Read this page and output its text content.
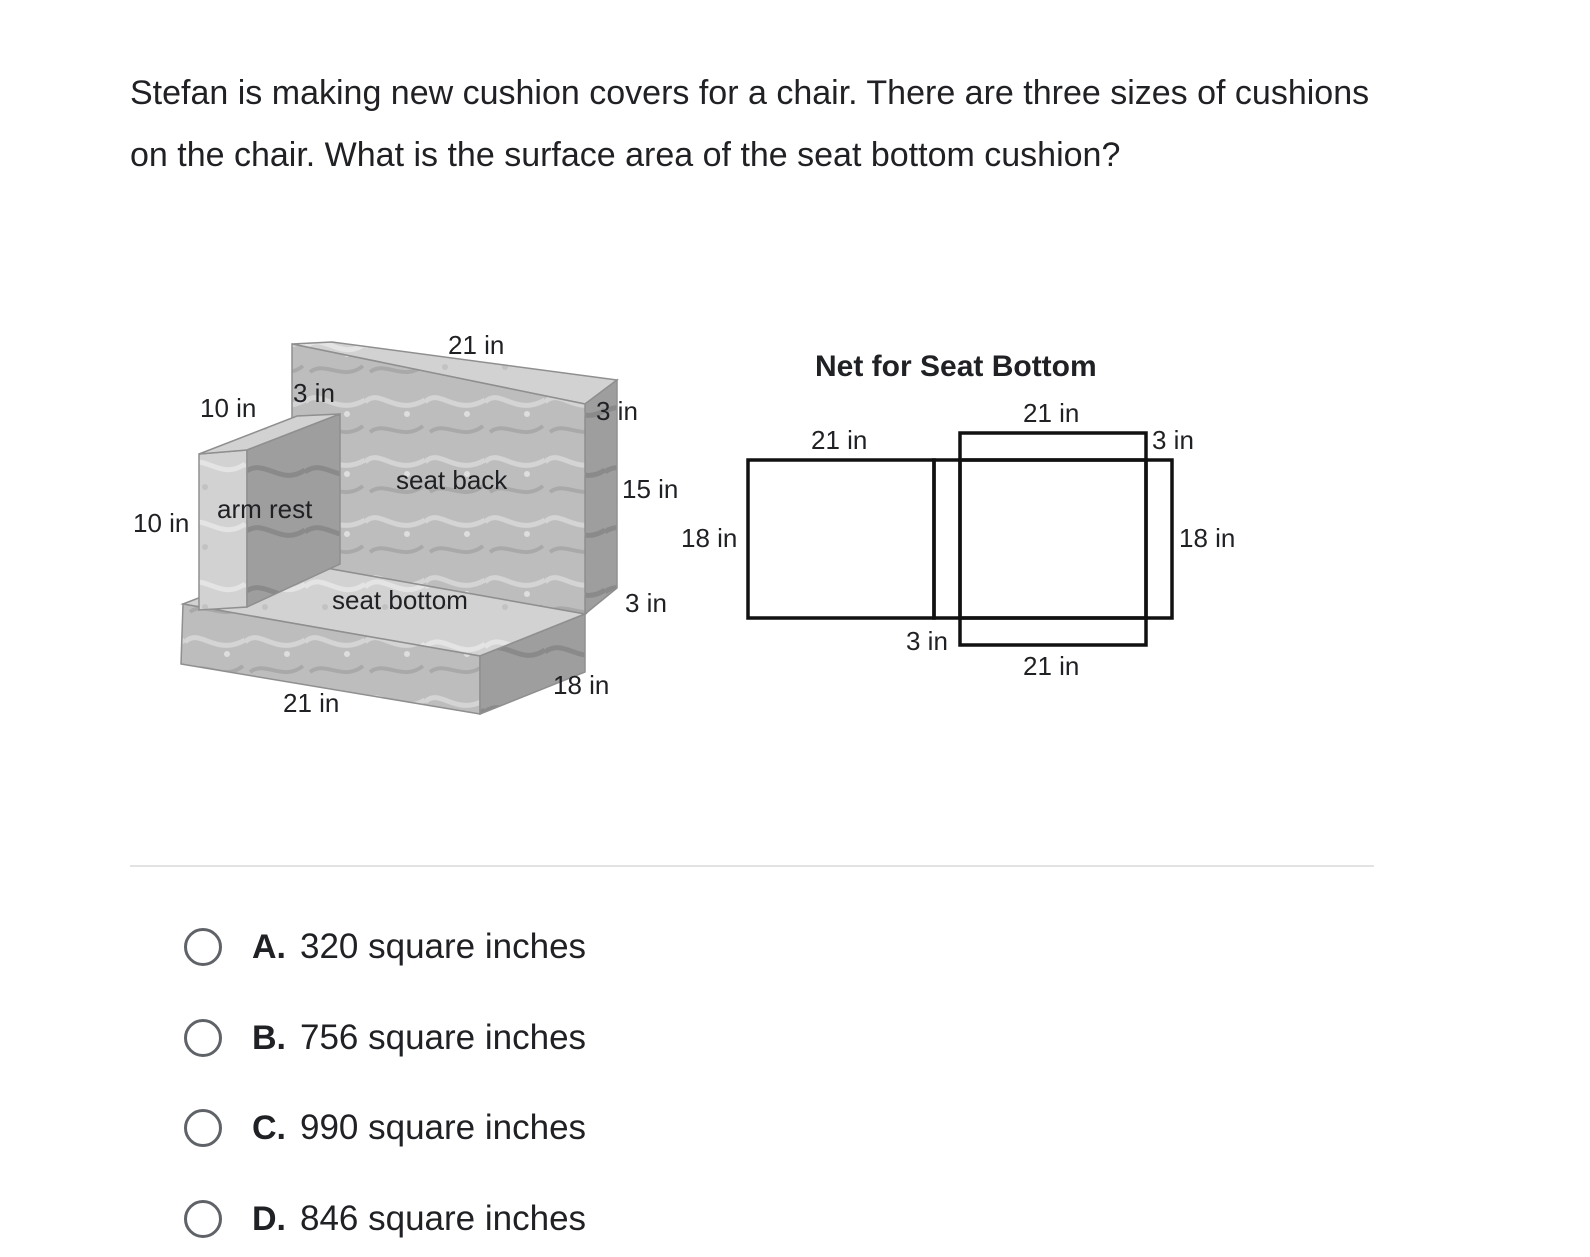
Stefan is making new cushion covers for a chair. There are three sizes of cushions on the chair. What is the surface area of the seat bottom cushion?

21 in
10 in 3 in
3 in
10 in
15 in
3 in
18 in
21 in
arm rest
seat back
seat bottom
Net for Seat Bottom
21 in
21 in	3 in
18 in	18 in
3 in
21 in
A. 320 square inches
B. 756 square inches
C. 990 square inches
D. 846 square inches
